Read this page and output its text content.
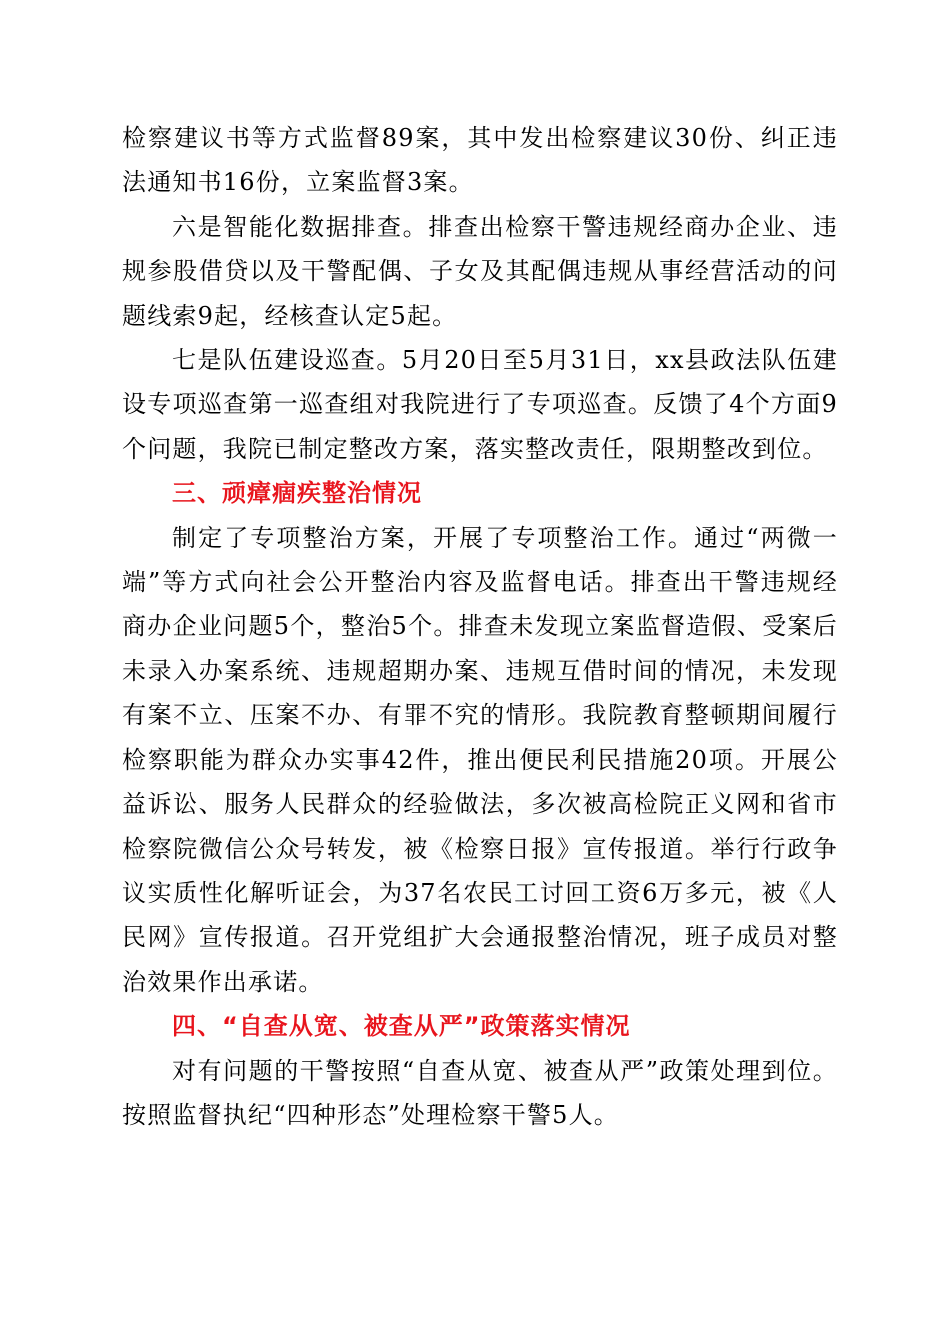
检察建议书等方式监督89案，其中发出检察建议30份、纠正违法通知书16份，立案监督3案。

六是智能化数据排查。排查出检察干警违规经商办企业、违规参股借贷以及干警配偶、子女及其配偶违规从事经营活动的问题线索9起，经核查认定5起。

七是队伍建设巡查。5月20日至5月31日，xx县政法队伍建设专项巡查第一巡查组对我院进行了专项巡查。反馈了4个方面9个问题，我院已制定整改方案，落实整改责任，限期整改到位。

三、顽瘴痼疾整治情况

制定了专项整治方案，开展了专项整治工作。通过“两微一端”等方式向社会公开整治内容及监督电话。排查出干警违规经商办企业问题5个，整治5个。排查未发现立案监督造假、受案后未录入办案系统、违规超期办案、违规互借时间的情况，未发现有案不立、压案不办、有罪不究的情形。我院教育整顿期间履行检察职能为群众办实事42件，推出便民利民措施20项。开展公益诉讼、服务人民群众的经验做法，多次被高检院正义网和省市检察院微信公众号转发，被《检察日报》宣传报道。举行行政争议实质性化解听证会，为37名农民工讨回工资6万多元，被《人民网》宣传报道。召开党组扩大会通报整治情况，班子成员对整治效果作出承诺。

四、“自查从宽、被查从严”政策落实情况

对有问题的干警按照“自查从宽、被查从严”政策处理到位。按照监督执纪“四种形态”处理检察干警5人。
